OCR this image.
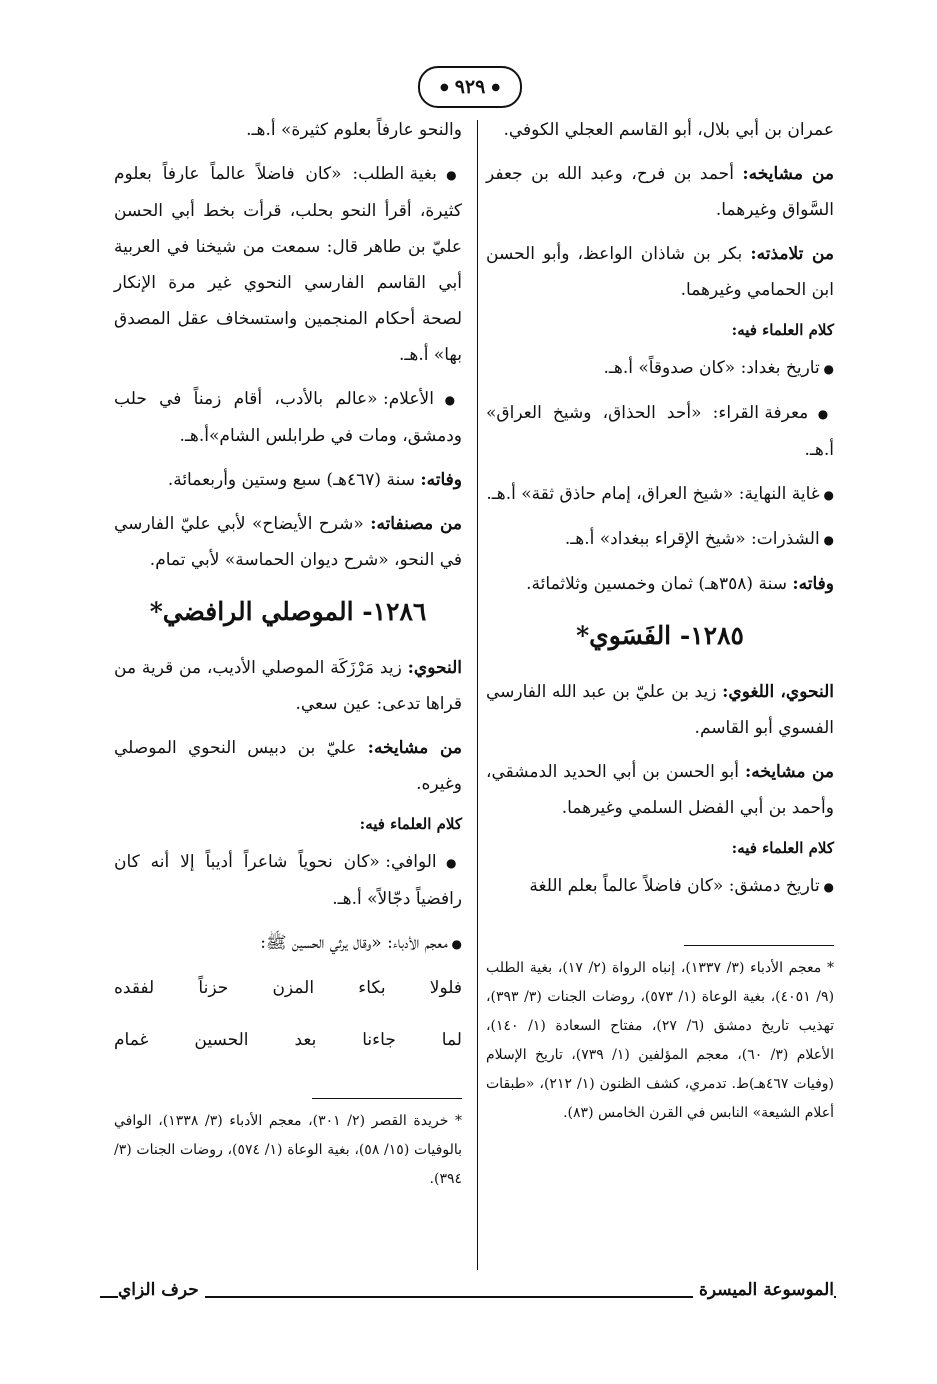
●
٩٢٩
●

عمران بن أبي بلال، أبو القاسم العجلي الكوفي.

من مشايخه: أحمد بن فرح، وعبد الله بن جعفر السَّواق وغيرهما.

من تلامذته: بكر بن شاذان الواعظ، وأبو الحسن ابن الحمامي وغيرهما.

كلام العلماء فيه:

● تاريخ بغداد: «كان صدوقاً» أ.هـ.

● معرفة القراء: «أحد الحذاق، وشيخ العراق» أ.هـ.

● غاية النهاية: «شيخ العراق، إمام حاذق ثقة» أ.هـ.

● الشذرات: «شيخ الإقراء ببغداد» أ.هـ.

وفاته: سنة (٣٥٨هـ) ثمان وخمسين وثلاثمائة.

١٢٨٥- الفَسَوي*

النحوي، اللغوي: زيد بن عليّ بن عبد الله الفارسي الفسوي أبو القاسم.

من مشايخه: أبو الحسن بن أبي الحديد الدمشقي، وأحمد بن أبي الفضل السلمي وغيرهما.

كلام العلماء فيه:

● تاريخ دمشق: «كان فاضلاً عالماً بعلم اللغة

* معجم الأدباء (٣/ ١٣٣٧)، إنباه الرواة (٢/ ١٧)، بغية الطلب (٩/ ٤٠٥١)، بغية الوعاة (١/ ٥٧٣)، روضات الجنات (٣/ ٣٩٣)، تهذيب تاريخ دمشق (٦/ ٢٧)، مفتاح السعادة (١/ ١٤٠)، الأعلام (٣/ ٦٠)، معجم المؤلفين (١/ ٧٣٩)، تاريخ الإسلام (وفيات ٤٦٧هـ)ط. تدمري، كشف الظنون (١/ ٢١٢)، «طبقات أعلام الشيعة» النابس في القرن الخامس (٨٣).

والنحو عارفاً بعلوم كثيرة» أ.هـ.

● بغية الطلب: «كان فاضلاً عالماً عارفاً بعلوم كثيرة، أقرأ النحو بحلب، قرأت بخط أبي الحسن عليّ بن طاهر قال: سمعت من شيخنا في العربية أبي القاسم الفارسي النحوي غير مرة الإنكار لصحة أحكام المنجمين واستسخاف عقل المصدق بها» أ.هـ.

● الأعلام: «عالم بالأدب، أقام زمناً في حلب ودمشق، ومات في طرابلس الشام»أ.هـ.

وفاته: سنة (٤٦٧هـ) سبع وستين وأربعمائة.

من مصنفاته: «شرح الأيضاح» لأبي عليّ الفارسي في النحو، «شرح ديوان الحماسة» لأبي تمام.

١٢٨٦- الموصلي الرافضي*

النحوي: زيد مَرْزَكَة الموصلي الأديب، من قرية من قراها تدعى: عين سعي.

من مشايخه: عليّ بن دبيس النحوي الموصلي وغيره.

كلام العلماء فيه:

● الوافي: «كان نحوياً شاعراً أديباً إلا أنه كان رافضياً دجّالاً» أ.هـ.

● معجم الأدباء: «وقال يرثي الحسين ﷺ:

فلولا بكاء المزن حزناً لفقده

لما جاءنا بعد الحسين غمام

* خريدة القصر (٢/ ٣٠١)، معجم الأدباء (٣/ ١٣٣٨)، الوافي بالوفيات (١٥/ ٥٨)، بغية الوعاة (١/ ٥٧٤)، روضات الجنات (٣/ ٣٩٤).

الموسوعة الميسرة
حرف الزاي
